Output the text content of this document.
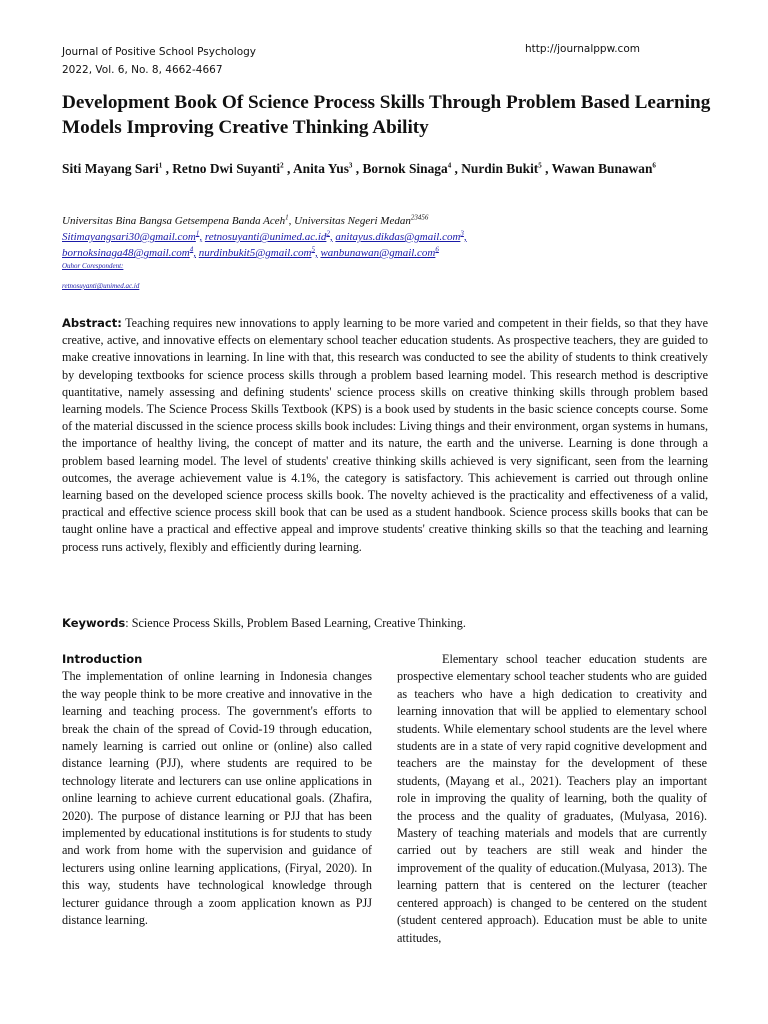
Journal of Positive School Psychology
2022, Vol. 6, No. 8, 4662-4667
http://journalppw.com
Development Book Of Science Process Skills Through Problem Based Learning Models Improving Creative Thinking Ability
Siti Mayang Sari$^1$ , Retno Dwi Suyanti$^2$ , Anita Yus$^3$ , Bornok Sinaga$^4$ , Nurdin Bukit$^5$ , Wawan Bunawan$^6$
Universitas Bina Bangsa Getsempena Banda Aceh$^1$, Universitas Negeri Medan$^{23456}$
Sitimayangsari30@gmail.com$^1$, $retnosuyanti@unimed.ac.id^2$, anitayus.dikdas@gmail.com$^3$,
bornoksinaga48@gmail.com$^4$, nurdinbukit5@gmail.com$^5$, wanbunawan@gmail.com$^6$
Ouhor Corespondent:
retnosuyanti@unimed.ac.id
Abstract: Teaching requires new innovations to apply learning to be more varied and competent in their fields, so that they have creative, active, and innovative effects on elementary school teacher education students. As prospective teachers, they are guided to make creative innovations in learning. In line with that, this research was conducted to see the ability of students to think creatively by developing textbooks for science process skills through a problem based learning model. This research method is descriptive quantitative, namely assessing and defining students' science process skills on creative thinking skills through problem based learning models. The Science Process Skills Textbook (KPS) is a book used by students in the basic science concepts course. Some of the material discussed in the science process skills book includes: Living things and their environment, organ systems in humans, the importance of healthy living, the concept of matter and its nature, the earth and the universe. Learning is done through a problem based learning model. The level of students' creative thinking skills achieved is very significant, seen from the learning outcomes, the average achievement value is 4.1%, the category is satisfactory. This achievement is carried out through online learning based on the developed science process skills book. The novelty achieved is the practicality and effectiveness of a valid, practical and effective science process skill book that can be used as a student handbook. Science process skills books that can be taught online have a practical and effective appeal and improve students' creative thinking skills so that the teaching and learning process runs actively, flexibly and efficiently during learning.
Keywords: Science Process Skills, Problem Based Learning, Creative Thinking.
Introduction
The implementation of online learning in Indonesia changes the way people think to be more creative and innovative in the learning and teaching process. The government's efforts to break the chain of the spread of Covid-19 through education, namely learning is carried out online or (online) also called distance learning (PJJ), where students are required to be technology literate and lecturers can use online applications in online learning to achieve current educational goals. (Zhafira, 2020). The purpose of distance learning or PJJ that has been implemented by educational institutions is for students to study and work from home with the supervision and guidance of lecturers using online learning applications, (Firyal, 2020). In this way, students have technological knowledge through lecturer guidance through a zoom application known as PJJ distance learning.
Elementary school teacher education students are prospective elementary school teacher students who are guided as teachers who have a high dedication to creativity and learning innovation that will be applied to elementary school students. While elementary school students are the level where students are in a state of very rapid cognitive development and teachers are the mainstay for the development of these students, (Mayang et al., 2021). Teachers play an important role in improving the quality of learning, both the quality of the process and the quality of graduates, (Mulyasa, 2016). Mastery of teaching materials and models that are currently carried out by teachers are still weak and hinder the improvement of the quality of education.(Mulyasa, 2013). The learning pattern that is centered on the lecturer (teacher centered approach) is changed to be centered on the student (student centered approach). Education must be able to unite attitudes,
